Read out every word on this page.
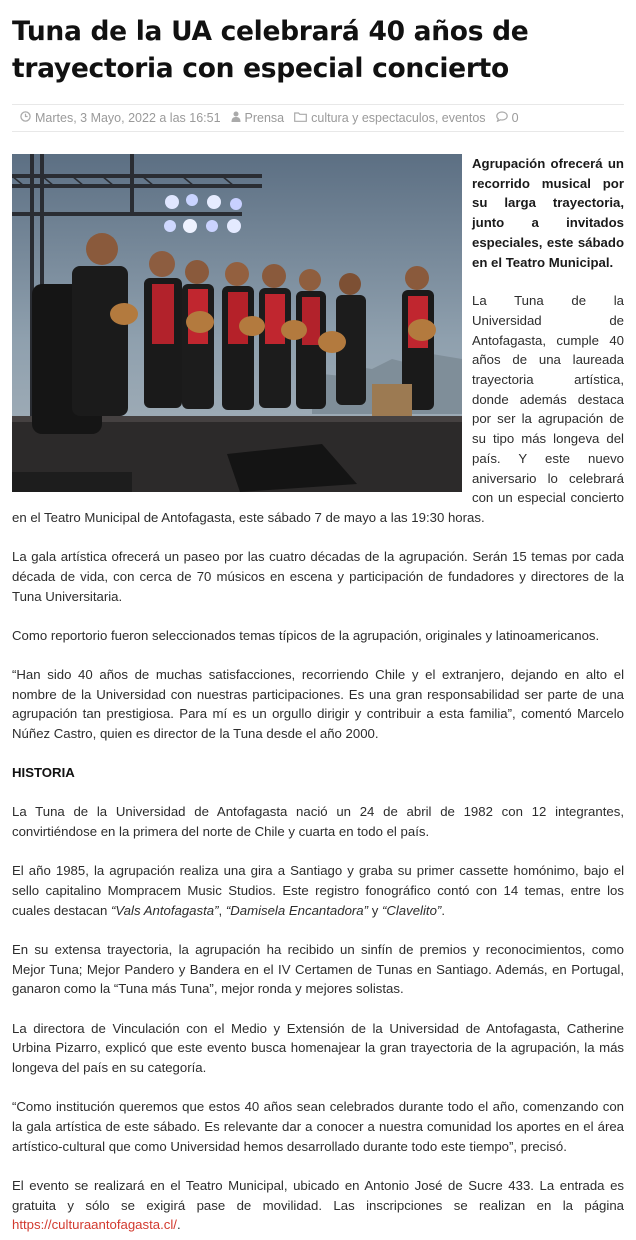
Tuna de la UA celebrará 40 años de trayectoria con especial concierto
Martes, 3 Mayo, 2022 a las 16:51 Prensa cultura y espectaculos , eventos 0

Agrupación ofrecerá un recorrido musical por su larga trayectoria, junto a invitados especiales, este sábado en el Teatro Municipal.

La Tuna de la Universidad de Antofagasta, cumple 40 años de una laureada trayectoria artística, donde además destaca por ser la agrupación de su tipo más longeva del país. Y este nuevo aniversario lo celebrará con un especial concierto en el Teatro Municipal de Antofagasta, este sábado 7 de mayo a las 19:30 horas.

La gala artística ofrecerá un paseo por las cuatro décadas de la agrupación. Serán 15 temas por cada década de vida, con cerca de 70 músicos en escena y participación de fundadores y directores de la Tuna Universitaria.

Como reportorio fueron seleccionados temas típicos de la agrupación, originales y latinoamericanos.

“Han sido 40 años de muchas satisfacciones, recorriendo Chile y el extranjero, dejando en alto el nombre de la Universidad con nuestras participaciones. Es una gran responsabilidad ser parte de una agrupación tan prestigiosa. Para mí es un orgullo dirigir y contribuir a esta familia”, comentó Marcelo Núñez Castro, quien es director de la Tuna desde el año 2000.

HISTORIA

La Tuna de la Universidad de Antofagasta nació un 24 de abril de 1982 con 12 integrantes, convirtiéndose en la primera del norte de Chile y cuarta en todo el país.

El año 1985, la agrupación realiza una gira a Santiago y graba su primer cassette homónimo, bajo el sello capitalino Mompracem Music Studios. Este registro fonográfico contó con 14 temas, entre los cuales destacan “Vals Antofagasta”, “Damisela Encantadora” y “Clavelito”.

En su extensa trayectoria, la agrupación ha recibido un sinfín de premios y reconocimientos, como Mejor Tuna; Mejor Pandero y Bandera en el IV Certamen de Tunas en Santiago. Además, en Portugal, ganaron como la “Tuna más Tuna”, mejor ronda y mejores solistas.

La directora de Vinculación con el Medio y Extensión de la Universidad de Antofagasta, Catherine Urbina Pizarro, explicó que este evento busca homenajear la gran trayectoria de la agrupación, la más longeva del país en su categoría.

“Como institución queremos que estos 40 años sean celebrados durante todo el año, comenzando con la gala artística de este sábado. Es relevante dar a conocer a nuestra comunidad los aportes en el área artístico-cultural que como Universidad hemos desarrollado durante todo este tiempo”, precisó.

El evento se realizará en el Teatro Municipal, ubicado en Antonio José de Sucre 433. La entrada es gratuita y sólo se exigirá pase de movilidad. Las inscripciones se realizan en la página https://culturaantofagasta.cl/.
